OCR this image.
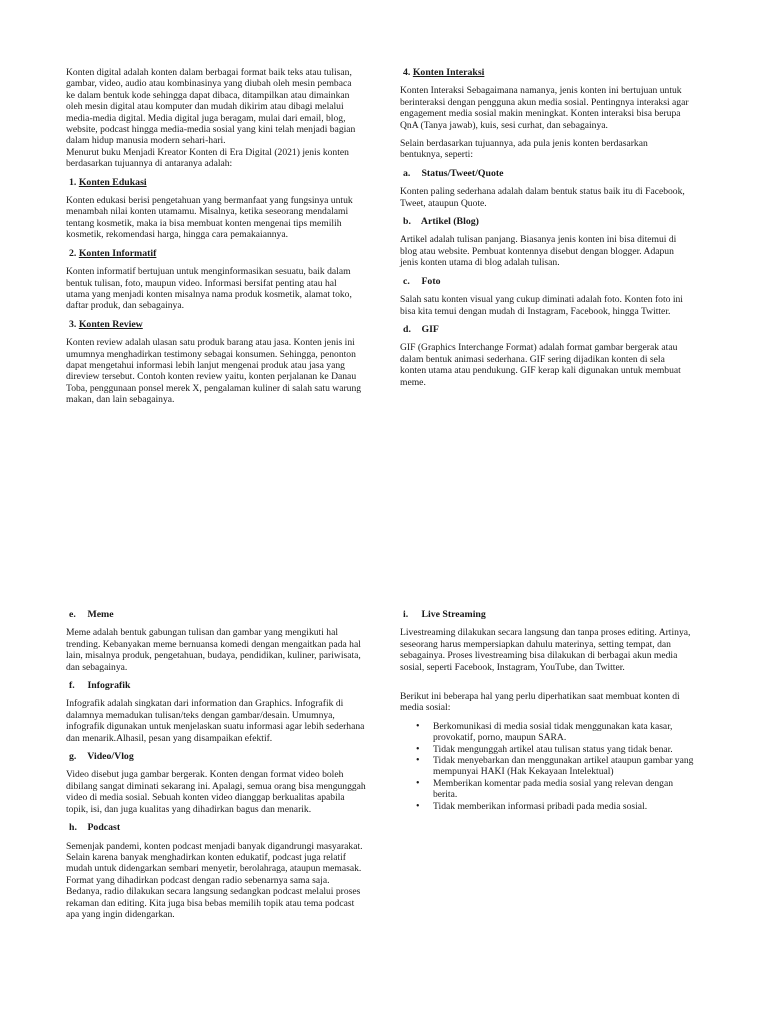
Konten digital adalah konten dalam berbagai format baik teks atau tulisan, gambar, video, audio atau kombinasinya yang diubah oleh mesin pembaca ke dalam bentuk kode sehingga dapat dibaca, ditampilkan atau dimainkan oleh mesin digital atau komputer dan mudah dikirim atau dibagi melalui media-media digital. Media digital juga beragam, mulai dari email, blog, website, podcast hingga media-media sosial yang kini telah menjadi bagian dalam hidup manusia modern sehari-hari.

Menurut buku Menjadi Kreator Konten di Era Digital (2021) jenis konten berdasarkan tujuannya di antaranya adalah:

1. Konten Edukasi

Konten edukasi berisi pengetahuan yang bermanfaat yang fungsinya untuk menambah nilai konten utamamu. Misalnya, ketika seseorang mendalami tentang kosmetik, maka ia bisa membuat konten mengenai tips memilih kosmetik, rekomendasi harga, hingga cara pemakaiannya.

2. Konten Informatif

Konten informatif bertujuan untuk menginformasikan sesuatu, baik dalam bentuk tulisan, foto, maupun video. Informasi bersifat penting atau hal utama yang menjadi konten misalnya nama produk kosmetik, alamat toko, daftar produk, dan sebagainya.

3. Konten Review

Konten review adalah ulasan satu produk barang atau jasa. Konten jenis ini umumnya menghadirkan testimony sebagai konsumen. Sehingga, penonton dapat mengetahui informasi lebih lanjut mengenai produk atau jasa yang direview tersebut. Contoh konten review yaitu, konten perjalanan ke Danau Toba, penggunaan ponsel merek X, pengalaman kuliner di salah satu warung makan, dan lain sebagainya.

4. Konten Interaksi

Konten Interaksi Sebagaimana namanya, jenis konten ini bertujuan untuk berinteraksi dengan pengguna akun media sosial. Pentingnya interaksi agar engagement media sosial makin meningkat. Konten interaksi bisa berupa QnA (Tanya jawab), kuis, sesi curhat, dan sebagainya.

Selain berdasarkan tujuannya, ada pula jenis konten berdasarkan bentuknya, seperti:

a. Status/Tweet/Quote

Konten paling sederhana adalah dalam bentuk status baik itu di Facebook, Tweet, ataupun Quote.

b. Artikel (Blog)

Artikel adalah tulisan panjang. Biasanya jenis konten ini bisa ditemui di blog atau website. Pembuat kontennya disebut dengan blogger. Adapun jenis konten utama di blog adalah tulisan.

c. Foto

Salah satu konten visual yang cukup diminati adalah foto. Konten foto ini bisa kita temui dengan mudah di Instagram, Facebook, hingga Twitter.

d. GIF

GIF (Graphics Interchange Format) adalah format gambar bergerak atau dalam bentuk animasi sederhana. GIF sering dijadikan konten di sela konten utama atau pendukung. GIF kerap kali digunakan untuk membuat meme.

e. Meme

Meme adalah bentuk gabungan tulisan dan gambar yang mengikuti hal trending. Kebanyakan meme bernuansa komedi dengan mengaitkan pada hal lain, misalnya produk, pengetahuan, budaya, pendidikan, kuliner, pariwisata, dan sebagainya.

f. Infografik

Infografik adalah singkatan dari information dan Graphics. Infografik di dalamnya memadukan tulisan/teks dengan gambar/desain. Umumnya, infografik digunakan untuk menjelaskan suatu informasi agar lebih sederhana dan menarik.Alhasil, pesan yang disampaikan efektif.

g. Video/Vlog

Video disebut juga gambar bergerak. Konten dengan format video boleh dibilang sangat diminati sekarang ini. Apalagi, semua orang bisa mengunggah video di media sosial. Sebuah konten video dianggap berkualitas apabila topik, isi, dan juga kualitas yang dihadirkan bagus dan menarik.

h. Podcast

Semenjak pandemi, konten podcast menjadi banyak digandrungi masyarakat. Selain karena banyak menghadirkan konten edukatif, podcast juga relatif mudah untuk didengarkan sembari menyetir, berolahraga, ataupun memasak. Format yang dihadirkan podcast dengan radio sebenarnya sama saja. Bedanya, radio dilakukan secara langsung sedangkan podcast melalui proses rekaman dan editing. Kita juga bisa bebas memilih topik atau tema podcast apa yang ingin didengarkan.

i. Live Streaming

Livestreaming dilakukan secara langsung dan tanpa proses editing. Artinya, seseorang harus mempersiapkan dahulu materinya, setting tempat, dan sebagainya. Proses livestreaming bisa dilakukan di berbagai akun media sosial, seperti Facebook, Instagram, YouTube, dan Twitter.

Berikut ini beberapa hal yang perlu diperhatikan saat membuat konten di media sosial:

• Berkomunikasi di media sosial tidak menggunakan kata kasar, provokatif, porno, maupun SARA.
• Tidak mengunggah artikel atau tulisan status yang tidak benar.
• Tidak menyebarkan dan menggunakan artikel ataupun gambar yang mempunyai HAKI (Hak Kekayaan Intelektual)
• Memberikan komentar pada media sosial yang relevan dengan berita.
• Tidak memberikan informasi pribadi pada media sosial.
